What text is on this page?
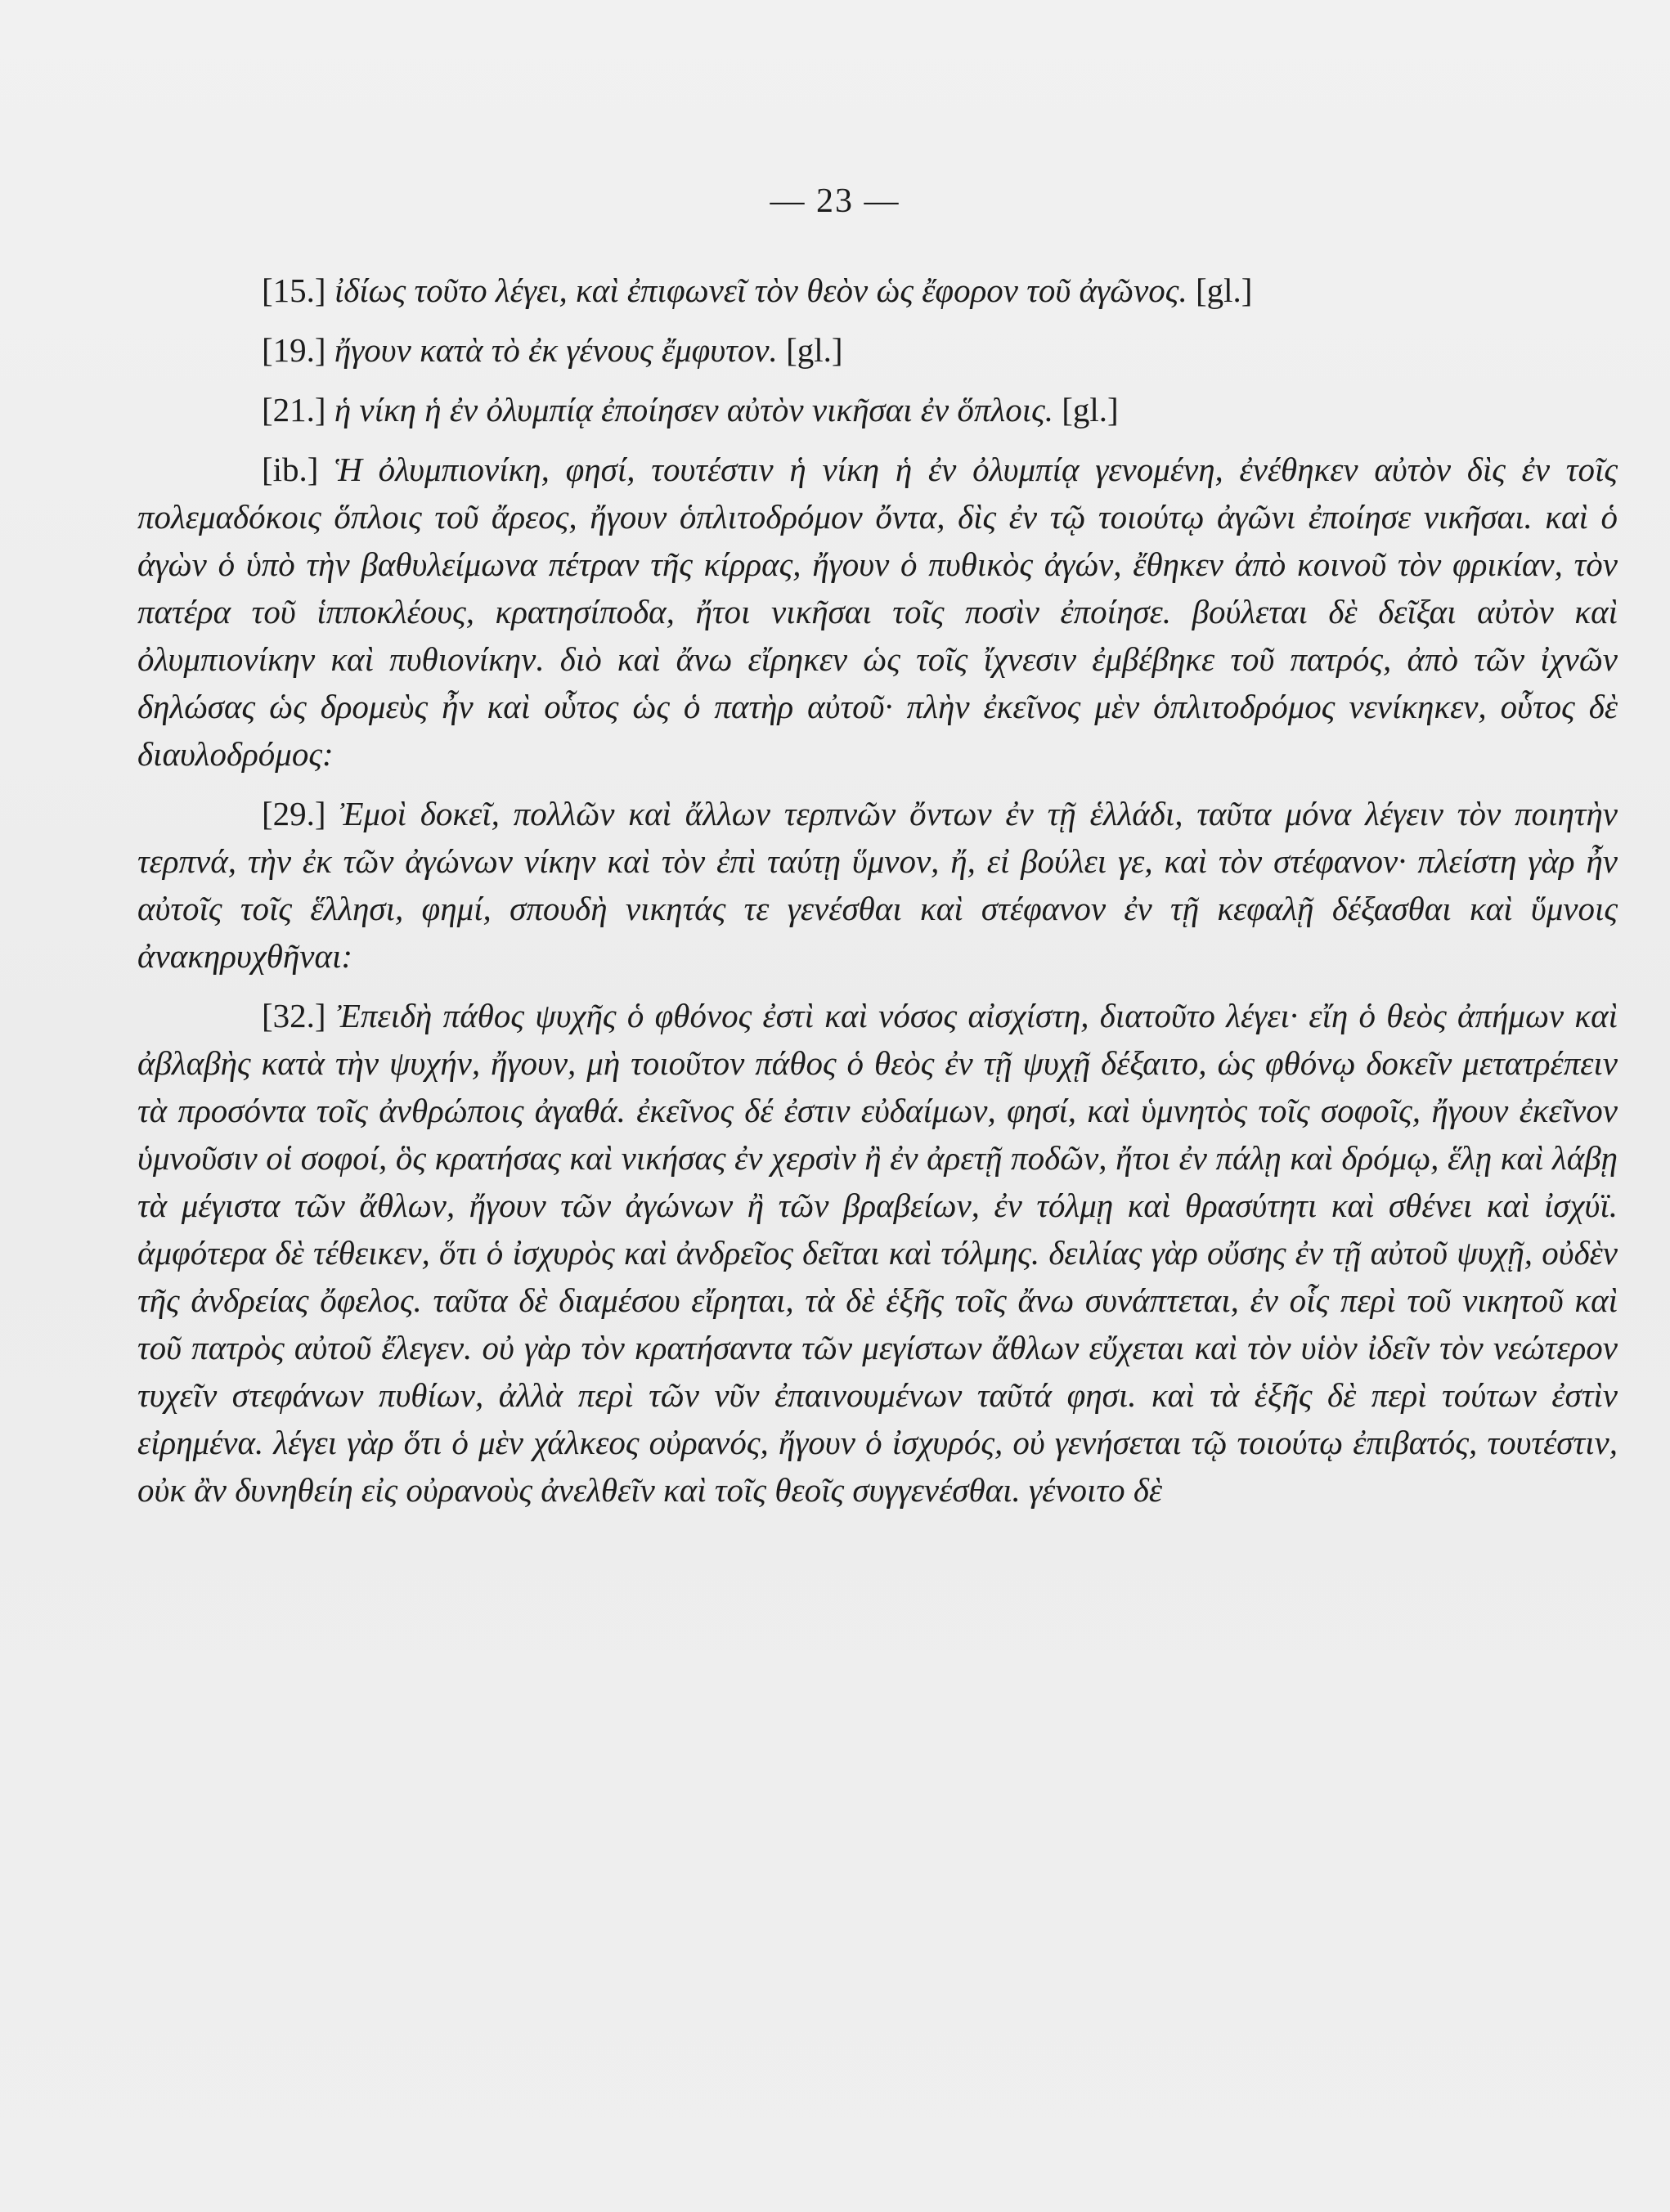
— 23 —

[15.] ἰδίως τοῦτο λέγει, καὶ ἐπιφωνεῖ τὸν θεὸν ὡς ἔφορον τοῦ ἀγῶνος. [gl.]

[19.] ἤγουν κατὰ τὸ ἐκ γένους ἔμφυτον. [gl.]

[21.] ἡ νίκη ἡ ἐν ὀλυμπίᾳ ἐποίησεν αὐτὸν νικῆσαι ἐν ὅπλοις. [gl.]

[ib.] Ἡ ὀλυμπιονίκη, φησί, τουτέστιν ἡ νίκη ἡ ἐν ὀλυμπίᾳ γενομένη, ἐνέθηκεν αὐτὸν δὶς ἐν τοῖς πολεμαδόκοις ὅπλοις τοῦ ἄρεος, ἤγουν ὁπλιτοδρόμον ὄντα, δὶς ἐν τῷ τοιούτῳ ἀγῶνι ἐποίησε νικῆσαι. καὶ ὁ ἀγὼν ὁ ὑπὸ τὴν βαθυλείμωνα πέτραν τῆς κίρρας, ἤγουν ὁ πυθικὸς ἀγών, ἔθηκεν ἀπὸ κοινοῦ τὸν φρικίαν, τὸν πατέρα τοῦ ἱπποκλέους, κρατησίποδα, ἤτοι νικῆσαι τοῖς ποσὶν ἐποίησε. βούλεται δὲ δεῖξαι αὐτὸν καὶ ὀλυμπιονίκην καὶ πυθιονίκην. διὸ καὶ ἄνω εἴρηκεν ὡς τοῖς ἴχνεσιν ἐμβέβηκε τοῦ πατρός, ἀπὸ τῶν ἰχνῶν δηλώσας ὡς δρομεὺς ἦν καὶ οὗτος ὡς ὁ πατὴρ αὐτοῦ· πλὴν ἐκεῖνος μὲν ὁπλιτοδρόμος νενίκηκεν, οὗτος δὲ διαυλοδρόμος:

[29.] Ἐμοὶ δοκεῖ, πολλῶν καὶ ἄλλων τερπνῶν ὄντων ἐν τῇ ἑλλάδι, ταῦτα μόνα λέγειν τὸν ποιητὴν τερπνά, τὴν ἐκ τῶν ἀγώνων νίκην καὶ τὸν ἐπὶ ταύτῃ ὕμνον, ἤ, εἰ βούλει γε, καὶ τὸν στέφανον· πλείστη γὰρ ἦν αὐτοῖς τοῖς ἕλλησι, φημί, σπουδὴ νικητάς τε γενέσθαι καὶ στέφανον ἐν τῇ κεφαλῇ δέξασθαι καὶ ὕμνοις ἀνακηρυχθῆναι:

[32.] Ἐπειδὴ πάθος ψυχῆς ὁ φθόνος ἐστὶ καὶ νόσος αἰσχίστη, διατοῦτο λέγει· εἴη ὁ θεὸς ἀπήμων καὶ ἀβλαβὴς κατὰ τὴν ψυχήν, ἤγουν, μὴ τοιοῦτον πάθος ὁ θεὸς ἐν τῇ ψυχῇ δέξαιτο, ὡς φθόνῳ δοκεῖν μετατρέπειν τὰ προσόντα τοῖς ἀνθρώποις ἀγαθά. ἐκεῖνος δέ ἐστιν εὐδαίμων, φησί, καὶ ὑμνητὸς τοῖς σοφοῖς, ἤγουν ἐκεῖνον ὑμνοῦσιν οἱ σοφοί, ὃς κρατήσας καὶ νικήσας ἐν χερσὶν ἢ ἐν ἀρετῇ ποδῶν, ἤτοι ἐν πάλῃ καὶ δρόμῳ, ἕλῃ καὶ λάβῃ τὰ μέγιστα τῶν ἄθλων, ἤγουν τῶν ἀγώνων ἢ τῶν βραβείων, ἐν τόλμῃ καὶ θρασύτητι καὶ σθένει καὶ ἰσχύϊ. ἀμφότερα δὲ τέθεικεν, ὅτι ὁ ἰσχυρὸς καὶ ἀνδρεῖος δεῖται καὶ τόλμης. δειλίας γὰρ οὔσης ἐν τῇ αὐτοῦ ψυχῇ, οὐδὲν τῆς ἀνδρείας ὄφελος. ταῦτα δὲ διαμέσου εἴρηται, τὰ δὲ ἑξῆς τοῖς ἄνω συνάπτεται, ἐν οἷς περὶ τοῦ νικητοῦ καὶ τοῦ πατρὸς αὐτοῦ ἔλεγεν. οὐ γὰρ τὸν κρατήσαντα τῶν μεγίστων ἄθλων εὔχεται καὶ τὸν υἱὸν ἰδεῖν τὸν νεώτερον τυχεῖν στεφάνων πυθίων, ἀλλὰ περὶ τῶν νῦν ἐπαινουμένων ταῦτά φησι. καὶ τὰ ἑξῆς δὲ περὶ τούτων ἐστὶν εἰρημένα. λέγει γὰρ ὅτι ὁ μὲν χάλκεος οὐρανός, ἤγουν ὁ ἰσχυρός, οὐ γενήσεται τῷ τοιούτῳ ἐπιβατός, τουτέστιν, οὐκ ἂν δυνηθείη εἰς οὐρανοὺς ἀνελθεῖν καὶ τοῖς θεοῖς συγγενέσθαι. γένοιτο δὲ
